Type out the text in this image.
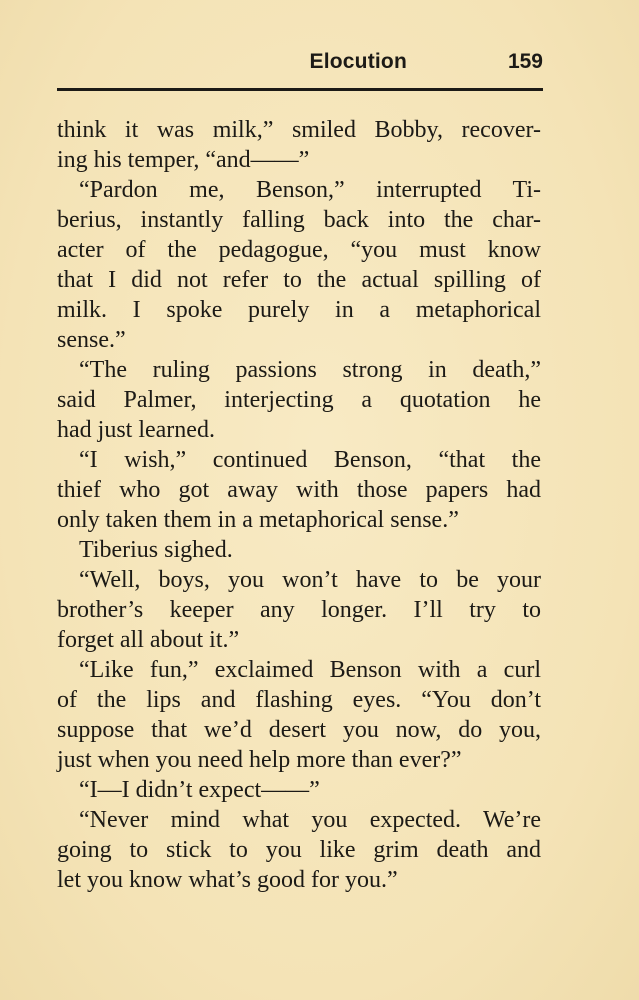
Elocution	159
think it was milk,” smiled Bobby, recover-
ing his temper, “and——”
“Pardon me, Benson,” interrupted Ti-
berius, instantly falling back into the char-
acter of the pedagogue, “you must know
that I did not refer to the actual spilling of
milk. I spoke purely in a metaphorical
sense.”
“The ruling passions strong in death,”
said Palmer, interjecting a quotation he
had just learned.
“I wish,” continued Benson, “that the
thief who got away with those papers had
only taken them in a metaphorical sense.”
Tiberius sighed.
“Well, boys, you won’t have to be your
brother’s keeper any longer. I’ll try to
forget all about it.”
“Like fun,” exclaimed Benson with a curl
of the lips and flashing eyes. “You don’t
suppose that we’d desert you now, do you,
just when you need help more than ever?”
“I—I didn’t expect——”
“Never mind what you expected. We’re
going to stick to you like grim death and
let you know what’s good for you.”
